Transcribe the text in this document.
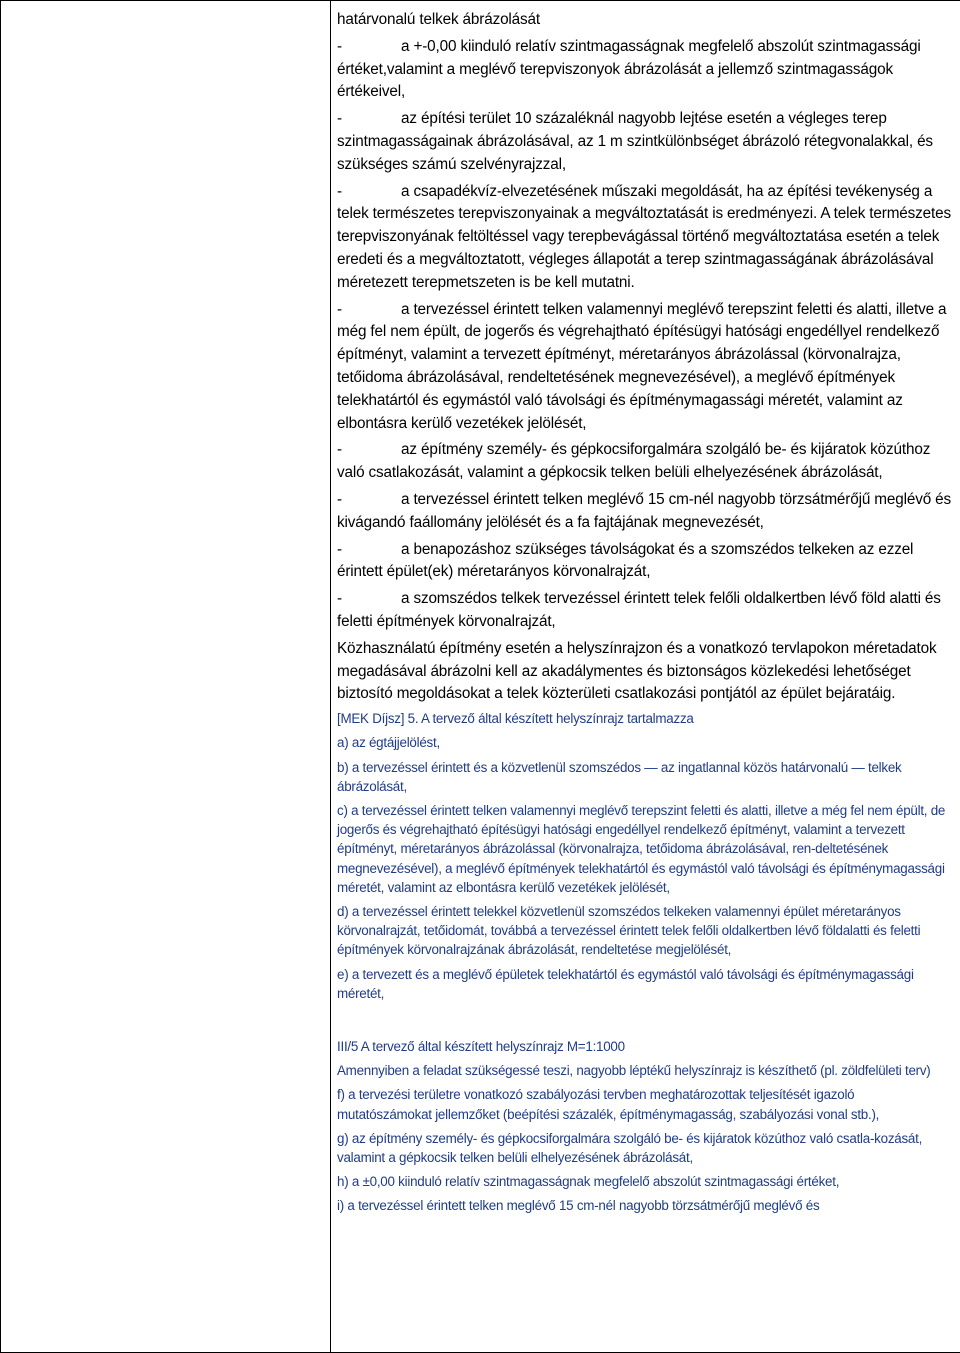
határvonalú telkek ábrázolását

-	a +-0,00 kiinduló relatív szintmagasságnak megfelelő abszolút szintmagassági értéket,valamint a meglévő terepviszonyok ábrázolását a jellemző szintmagasságok értékeivel,

-	az építési terület 10 százaléknál nagyobb lejtése esetén a végleges terep szintmagasságainak ábrázolásával, az 1 m szintkülönbséget ábrázoló rétegvonalakkal, és szükséges számú szelvényrajzzal,

-	a csapadékvíz-elvezetésének műszaki megoldását, ha az építési tevékenység a telek természetes terepviszonyainak a megváltoztatását is eredményezi. A telek természetes terepviszonyának feltöltéssel vagy terepbevágással történő megváltoztatása esetén a telek eredeti és a megváltoztatott, végleges állapotát a terep szintmagasságának ábrázolásával méretezett terepmetszeten is be kell mutatni.

-	a tervezéssel érintett telken valamennyi meglévő terepszint feletti és alatti, illetve a még fel nem épült, de jogerős és végrehajtható építésügyi hatósági engedéllyel rendelkező építményt, valamint a tervezett építményt, méretarányos ábrázolással (körvonalrajza, tetőidoma ábrázolásával, rendeltetésének megnevezésével), a meglévő építmények telekhatártól és egymástól való távolsági és építménymagassági méretét, valamint az elbontásra kerülő vezetékek jelölését,

-	az építmény személy- és gépkocsiforgalmára szolgáló be- és kijáratok közúthoz való csatlakozását, valamint a gépkocsik telken belüli elhelyezésének ábrázolását,

-	a tervezéssel érintett telken meglévő 15 cm-nél nagyobb törzsátmérőjű meglévő és kivágandó faállomány jelölését és a fa fajtájának megnevezését,

-	a benapozáshoz szükséges távolságokat és a szomszédos telkeken az ezzel érintett épület(ek) méretarányos körvonalrajzát,

-	a szomszédos telkek tervezéssel érintett telek felőli oldalkertben lévő föld alatti és feletti építmények körvonalrajzát,

Közhasználatú építmény esetén a helyszínrajzon és a vonatkozó tervlapokon méretadatok megadásával ábrázolni kell az akadálymentes és biztonságos közlekedési lehetőséget biztosító megoldásokat a telek közterületi csatlakozási pontjától az épület bejáratáig.

[MEK Díjsz] 5. A tervező által készített helyszínrajz tartalmazza

a) az égtájjelölést,

b) a tervezéssel érintett és a közvetlenül szomszédos — az ingatlannal közös határvonalú — telkek ábrázolását,

c) a tervezéssel érintett telken valamennyi meglévő terepszint feletti és alatti, illetve a még fel nem épült, de jogerős és végrehajtható építésügyi hatósági engedéllyel rendelkező építményt, valamint a tervezett építményt, méretarányos ábrázolással (körvonalrajza, tetőidoma ábrázolásával, ren-deltetésének megnevezésével), a meglévő építmények telekhatártól és egymástól való távolsági és építménymagassági méretét, valamint az elbontásra kerülő vezetékek jelölését,

d) a tervezéssel érintett telekkel közvetlenül szomszédos telkeken valamennyi épület méretarányos körvonalrajzát, tetőidomát, továbbá a tervezéssel érintett telek felőli oldalkertben lévő földalatti és feletti építmények körvonalrajzának ábrázolását, rendeltetése megjelölését,

e) a tervezett és a meglévő épületek telekhatártól és egymástól való távolsági és építménymagassági méretét,

III/5 A tervező által készített helyszínrajz M=1:1000

Amennyiben a feladat szükségessé teszi, nagyobb léptékű helyszínrajz is készíthető (pl. zöldfelületi terv)

f) a tervezési területre vonatkozó szabályozási tervben meghatározottak teljesítését igazoló mutatószámokat jellemzőket (beépítési százalék, építménymagasság, szabályozási vonal stb.),

g) az építmény személy- és gépkocsiforgalmára szolgáló be- és kijáratok közúthoz való csatla-kozását, valamint a gépkocsik telken belüli elhelyezésének ábrázolását,

h) a ±0,00 kiinduló relatív szintmagasságnak megfelelő abszolút szintmagassági értéket,

i) a tervezéssel érintett telken meglévő 15 cm-nél nagyobb törzsátmérőjű meglévő és
